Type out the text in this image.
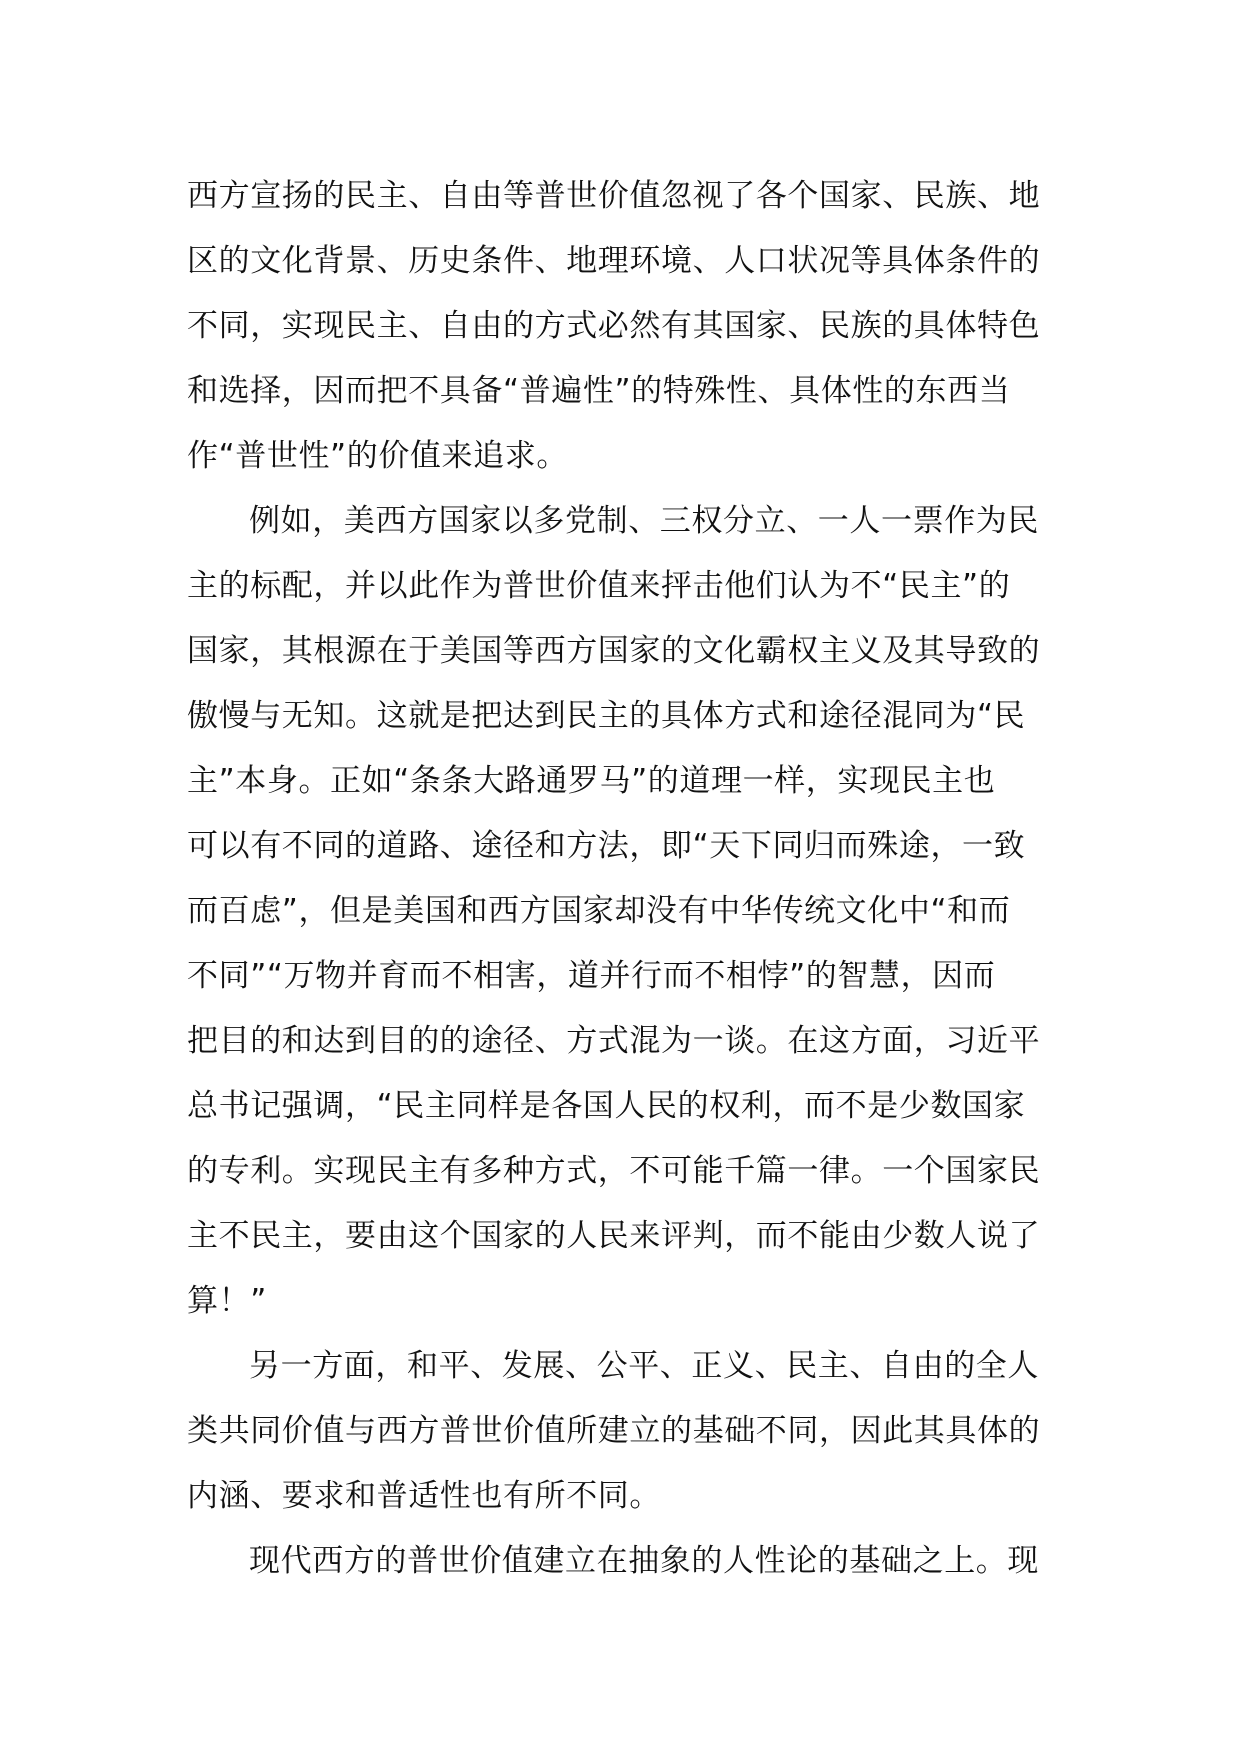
西方宣扬的民主、自由等普世价值忽视了各个国家、民族、地
区的文化背景、历史条件、地理环境、人口状况等具体条件的
不同，实现民主、自由的方式必然有其国家、民族的具体特色
和选择，因而把不具备“普遍性”的特殊性、具体性的东西当
作“普世性”的价值来追求。
例如，美西方国家以多党制、三权分立、一人一票作为民
主的标配，并以此作为普世价值来抨击他们认为不“民主”的
国家，其根源在于美国等西方国家的文化霸权主义及其导致的
傲慢与无知。这就是把达到民主的具体方式和途径混同为“民
主”本身。正如“条条大路通罗马”的道理一样，实现民主也
可以有不同的道路、途径和方法，即“天下同归而殊途，一致
而百虑”，但是美国和西方国家却没有中华传统文化中“和而
不同”“万物并育而不相害，道并行而不相悖”的智慧，因而
把目的和达到目的的途径、方式混为一谈。在这方面，习近平
总书记强调，“民主同样是各国人民的权利，而不是少数国家
的专利。实现民主有多种方式，不可能千篇一律。一个国家民
主不民主，要由这个国家的人民来评判，而不能由少数人说了
算！”
另一方面，和平、发展、公平、正义、民主、自由的全人
类共同价值与西方普世价值所建立的基础不同，因此其具体的
内涵、要求和普适性也有所不同。
现代西方的普世价值建立在抽象的人性论的基础之上。现
